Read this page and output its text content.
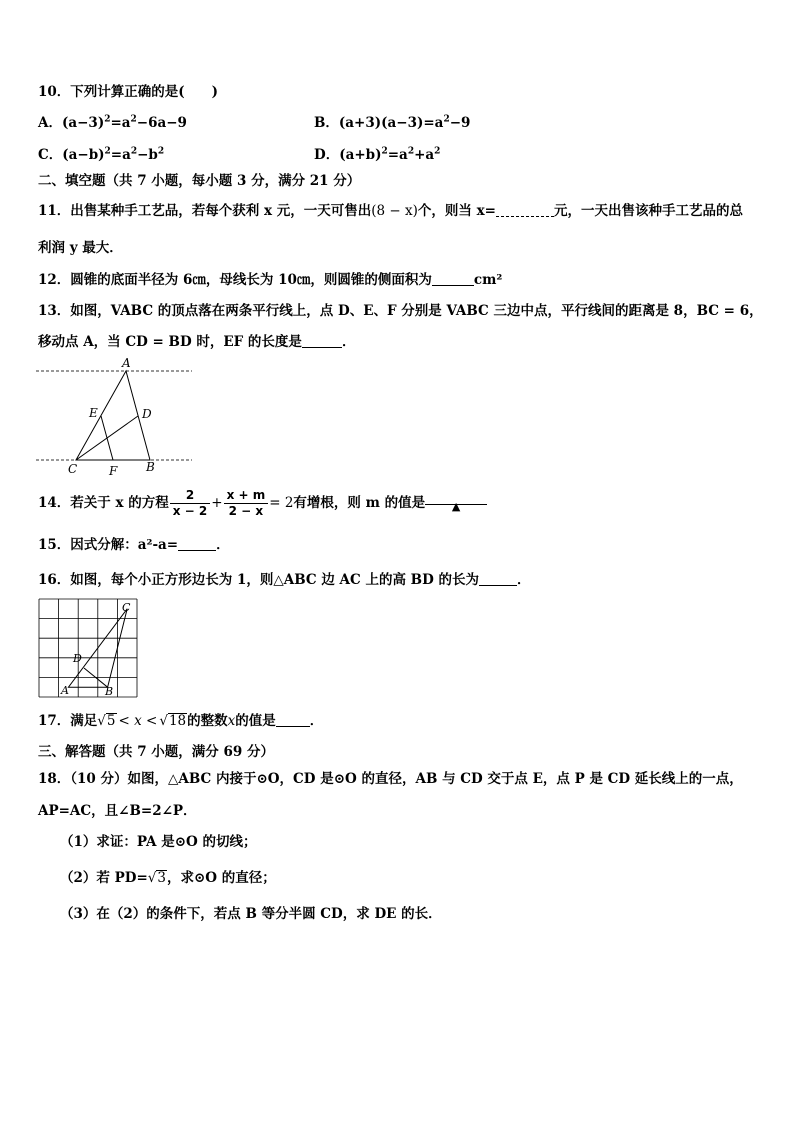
10．下列计算正确的是(　　)
A．$(a-3)^2=a^2-6a-9$	B．$(a+3)(a-3)=a^2-9$
C．$(a-b)^2=a^2-b^2$	D．$(a+b)^2=a^2+a^2$
二、填空题（共 7 小题，每小题 3 分，满分 21 分）
11．出售某种手工艺品，若每个获利 x 元，一天可售出(8 − x)个，则当 x=	元，一天出售该种手工艺品的总
利润 y 最大．
12．圆锥的底面半径为 6㎝，母线长为 10㎝，则圆锥的侧面积为	cm²
13．如图，VABC 的顶点落在两条平行线上，点 D、E、F 分别是 VABC 三边中点，平行线间的距离是 8，BC = 6，
移动点 A，当 CD = BD 时，EF 的长度是	．
A
E	D
C	F B
14．若关于 x 的方程 $\frac{2}{x - 2} + \frac{x + m}{2 - x} = 2$有增根，则 m 的值是 ▲
15．因式分解：a²-a=	．
16．如图，每个小正方形边长为 1，则△ABC 边 AC 上的高 BD 的长为	．
C
D
A	B
17．满足√5 < x < √18的整数x的值是	．
三、解答题（共 7 小题，满分 69 分）
18．（10 分）如图，△ABC 内接于⊙O，CD 是⊙O 的直径，AB 与 CD 交于点 E，点 P 是 CD 延长线上的一点，
AP=AC，且∠B=2∠P．
（1）求证：PA 是⊙O 的切线；
（2）若 PD=√3，求⊙O 的直径；
（3）在（2）的条件下，若点 B 等分半圆 CD，求 DE 的长．
